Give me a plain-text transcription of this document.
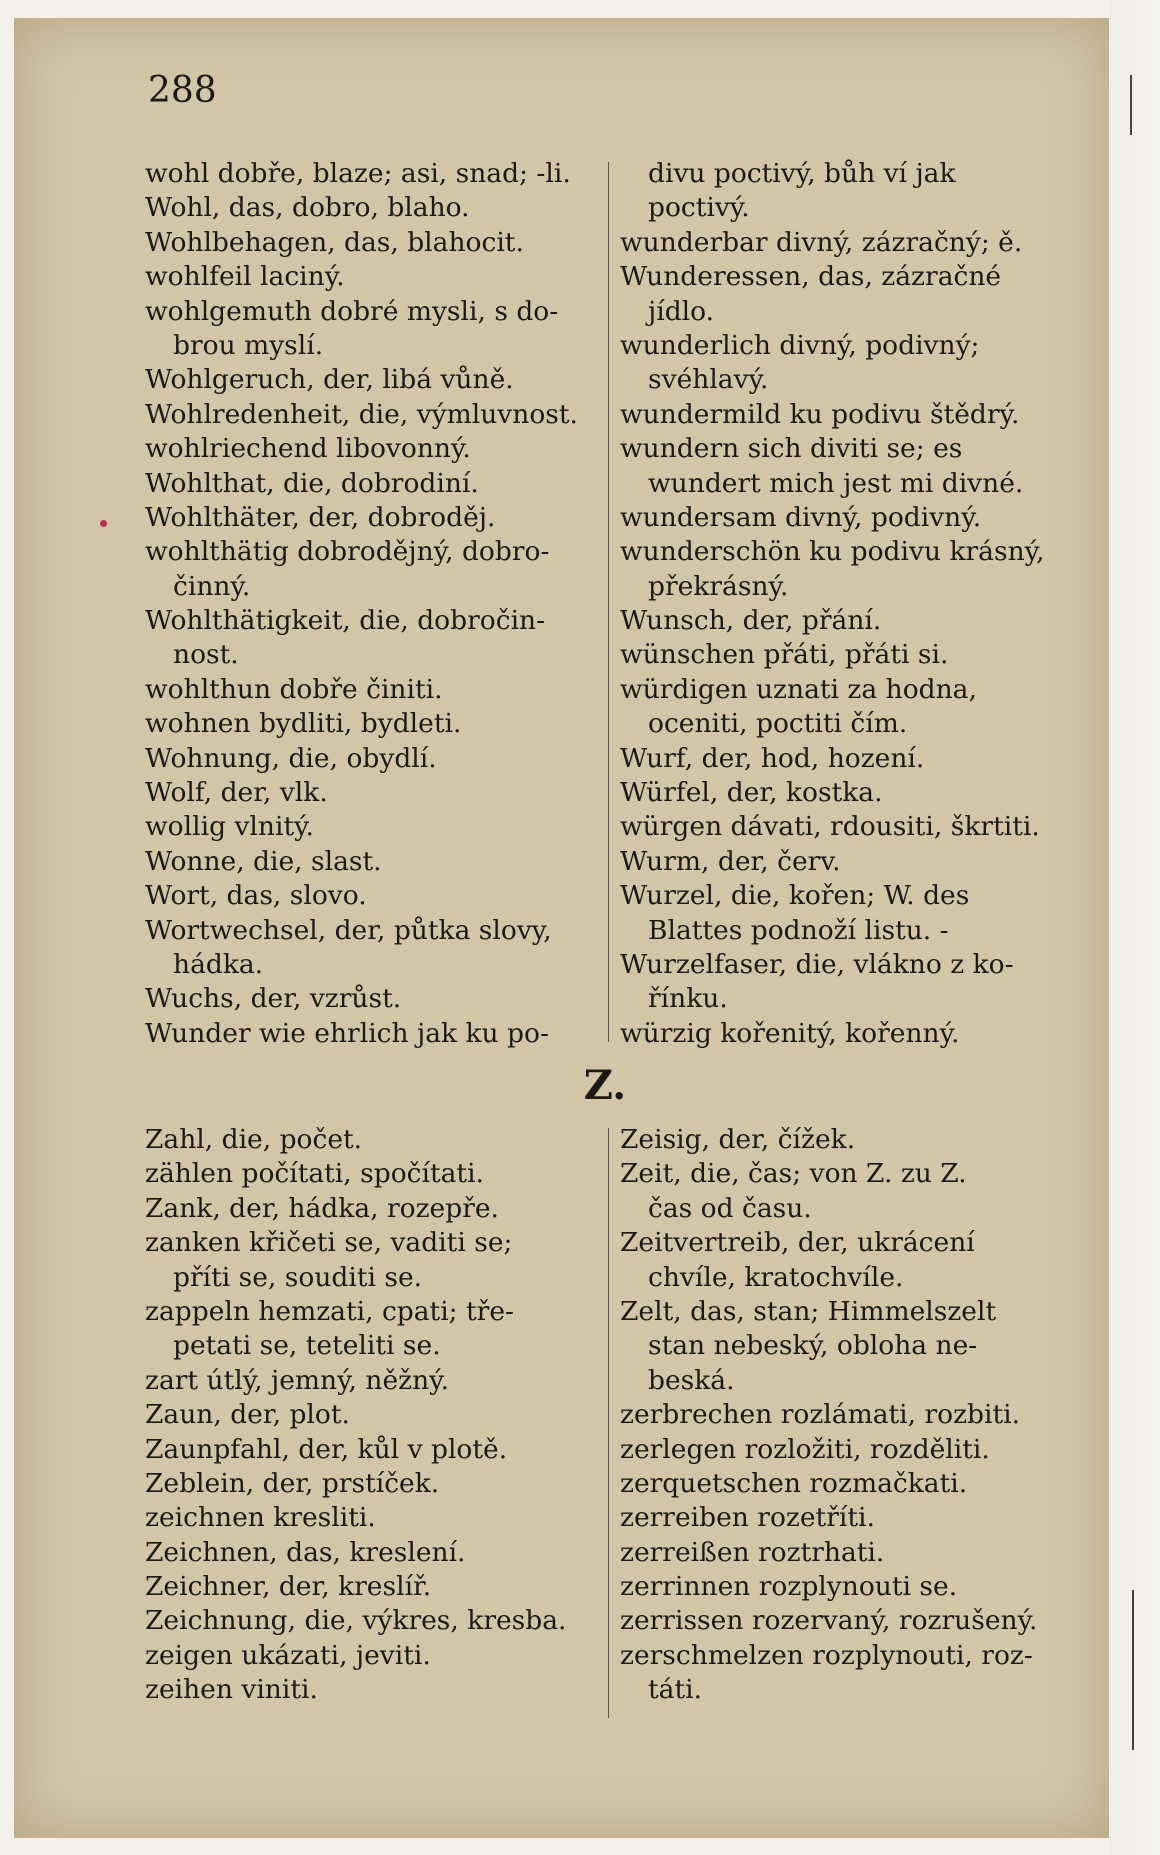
288
wohl dobře, blaze; asi, snad; -li.
Wohl, das, dobro, blaho.
Wohlbehagen, das, blahocit.
wohlfeil laciný.
wohlgemuth dobré mysli, s do-
brou myslí.
Wohlgeruch, der, libá vůně.
Wohlredenheit, die, výmluvnost.
wohlriechend libovonný.
Wohlthat, die, dobrodiní.
Wohlthäter, der, dobroděj.
wohlthätig dobrodějný, dobro-
činný.
Wohlthätigkeit, die, dobročin-
nost.
wohlthun dobře činiti.
wohnen bydliti, bydleti.
Wohnung, die, obydlí.
Wolf, der, vlk.
wollig vlnitý.
Wonne, die, slast.
Wort, das, slovo.
Wortwechsel, der, půtka slovy,
hádka.
Wuchs, der, vzrůst.
Wunder wie ehrlich jak ku po-
divu poctivý, bůh ví jak
poctivý.
wunderbar divný, zázračný; ě.
Wunderessen, das, zázračné
jídlo.
wunderlich divný, podivný;
svéhlavý.
wundermild ku podivu štědrý.
wundern sich diviti se; es
wundert mich jest mi divné.
wundersam divný, podivný.
wunderschön ku podivu krásný,
překrásný.
Wunsch, der, přání.
wünschen přáti, přáti si.
würdigen uznati za hodna,
oceniti, poctiti čím.
Wurf, der, hod, hození.
Würfel, der, kostka.
würgen dávati, rdousiti, škrtiti.
Wurm, der, červ.
Wurzel, die, kořen; W. des
Blattes podnoží listu. -
Wurzelfaser, die, vlákno z ko-
řínku.
würzig kořenitý, kořenný.
Z.
Zahl, die, počet.
zählen počítati, spočítati.
Zank, der, hádka, rozepře.
zanken křičeti se, vaditi se;
příti se, souditi se.
zappeln hemzati, cpati; tře-
petati se, teteliti se.
zart útlý, jemný, něžný.
Zaun, der, plot.
Zaunpfahl, der, kůl v plotě.
Zeblein, der, prstíček.
zeichnen kresliti.
Zeichnen, das, kreslení.
Zeichner, der, kreslíř.
Zeichnung, die, výkres, kresba.
zeigen ukázati, jeviti.
zeihen viniti.
Zeisig, der, čížek.
Zeit, die, čas; von Z. zu Z.
čas od času.
Zeitvertreib, der, ukrácení
chvíle, kratochvíle.
Zelt, das, stan; Himmelszelt
stan nebeský, obloha ne-
beská.
zerbrechen rozlámati, rozbiti.
zerlegen rozložiti, rozděliti.
zerquetschen rozmačkati.
zerreiben rozetříti.
zerreißen roztrhati.
zerrinnen rozplynouti se.
zerrissen rozervaný, rozrušený.
zerschmelzen rozplynouti, roz-
táti.
